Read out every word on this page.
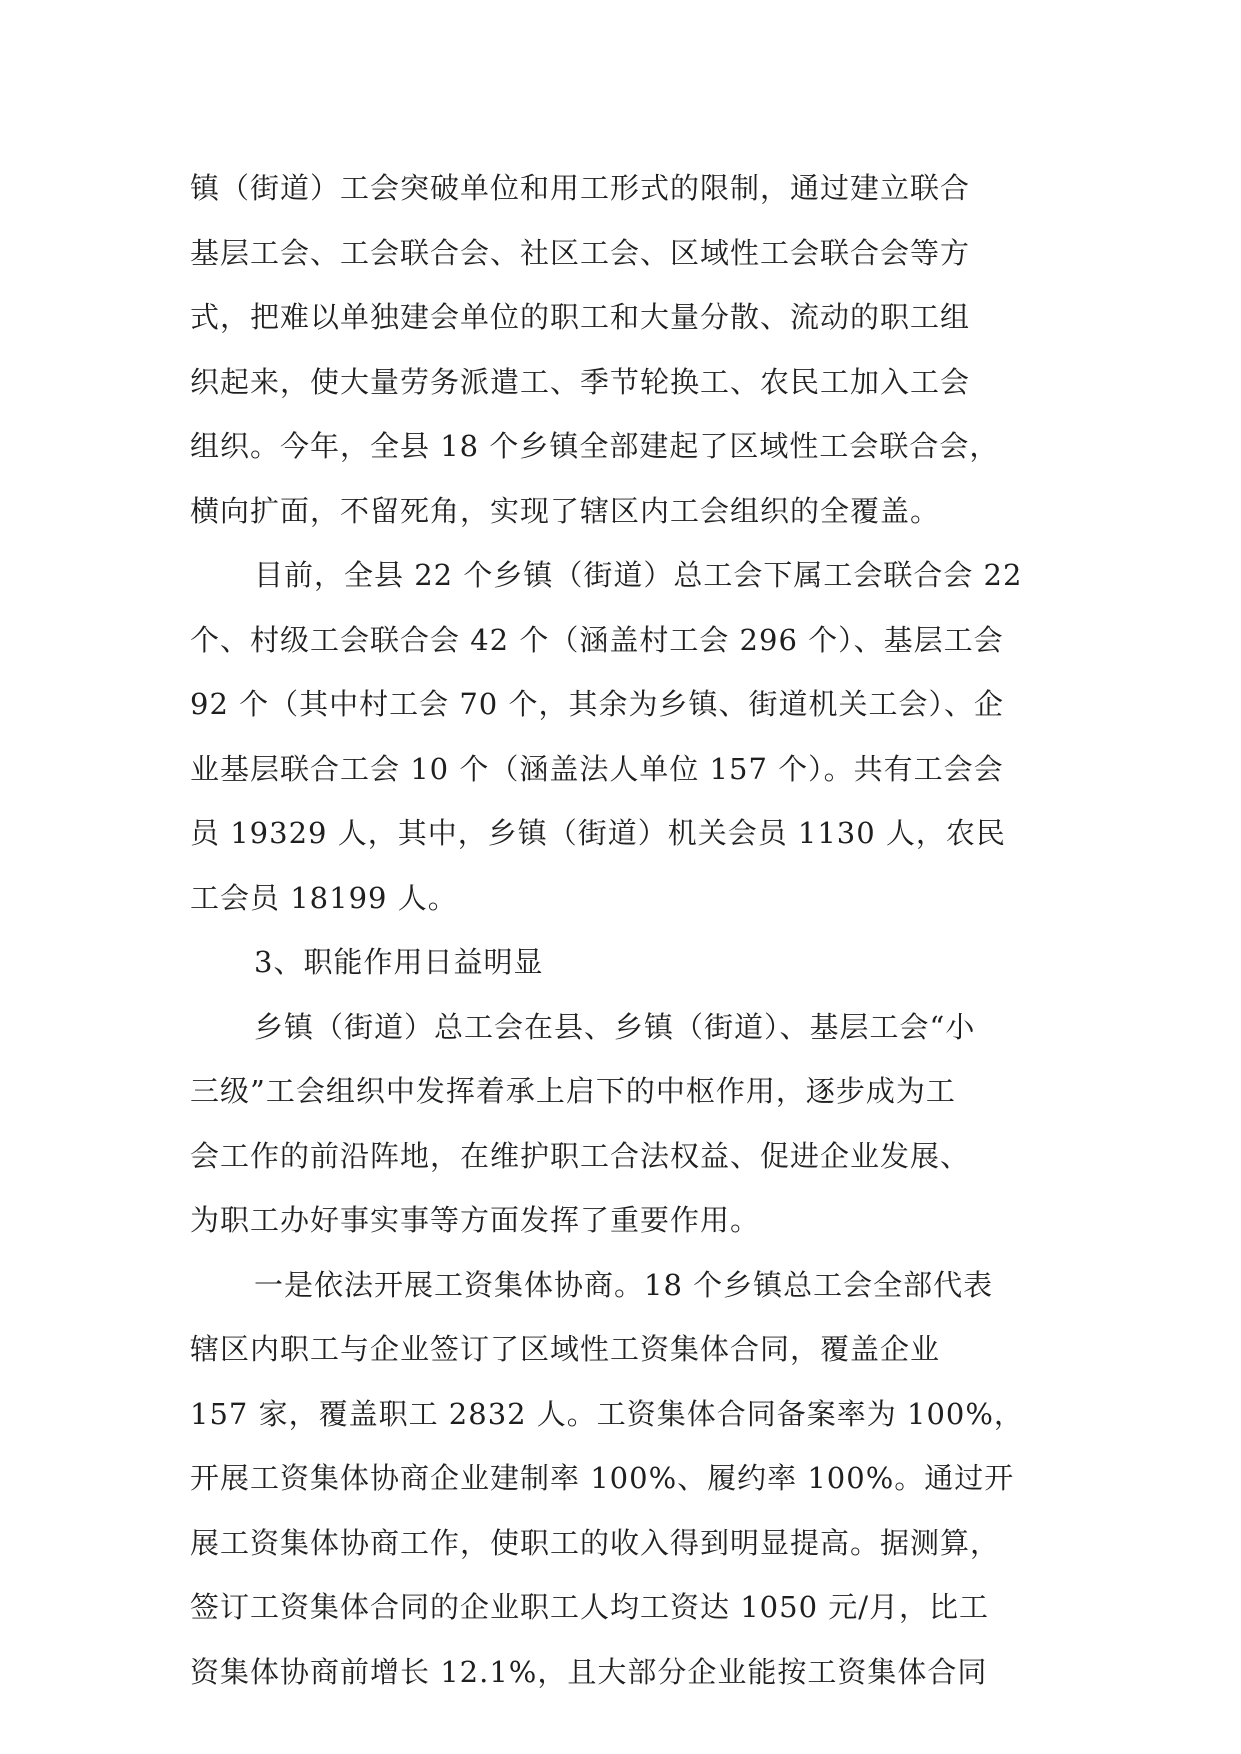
镇（街道）工会突破单位和用工形式的限制，通过建立联合
基层工会、工会联合会、社区工会、区域性工会联合会等方
式，把难以单独建会单位的职工和大量分散、流动的职工组
织起来，使大量劳务派遣工、季节轮换工、农民工加入工会
组织。今年，全县 18 个乡镇全部建起了区域性工会联合会，
横向扩面，不留死角，实现了辖区内工会组织的全覆盖。
目前，全县 22 个乡镇（街道）总工会下属工会联合会 22
个、村级工会联合会 42 个（涵盖村工会 296 个）、基层工会
92 个（其中村工会 70 个，其余为乡镇、街道机关工会）、企
业基层联合工会 10 个（涵盖法人单位 157 个）。共有工会会
员 19329 人，其中，乡镇（街道）机关会员 1130 人，农民
工会员 18199 人。
3、职能作用日益明显
乡镇（街道）总工会在县、乡镇（街道）、基层工会“小
三级”工会组织中发挥着承上启下的中枢作用，逐步成为工
会工作的前沿阵地，在维护职工合法权益、促进企业发展、
为职工办好事实事等方面发挥了重要作用。
一是依法开展工资集体协商。18 个乡镇总工会全部代表
辖区内职工与企业签订了区域性工资集体合同，覆盖企业
157 家，覆盖职工 2832 人。工资集体合同备案率为 100%，
开展工资集体协商企业建制率 100%、履约率 100%。通过开
展工资集体协商工作，使职工的收入得到明显提高。据测算，
签订工资集体合同的企业职工人均工资达 1050 元/月，比工
资集体协商前增长 12.1%，且大部分企业能按工资集体合同
